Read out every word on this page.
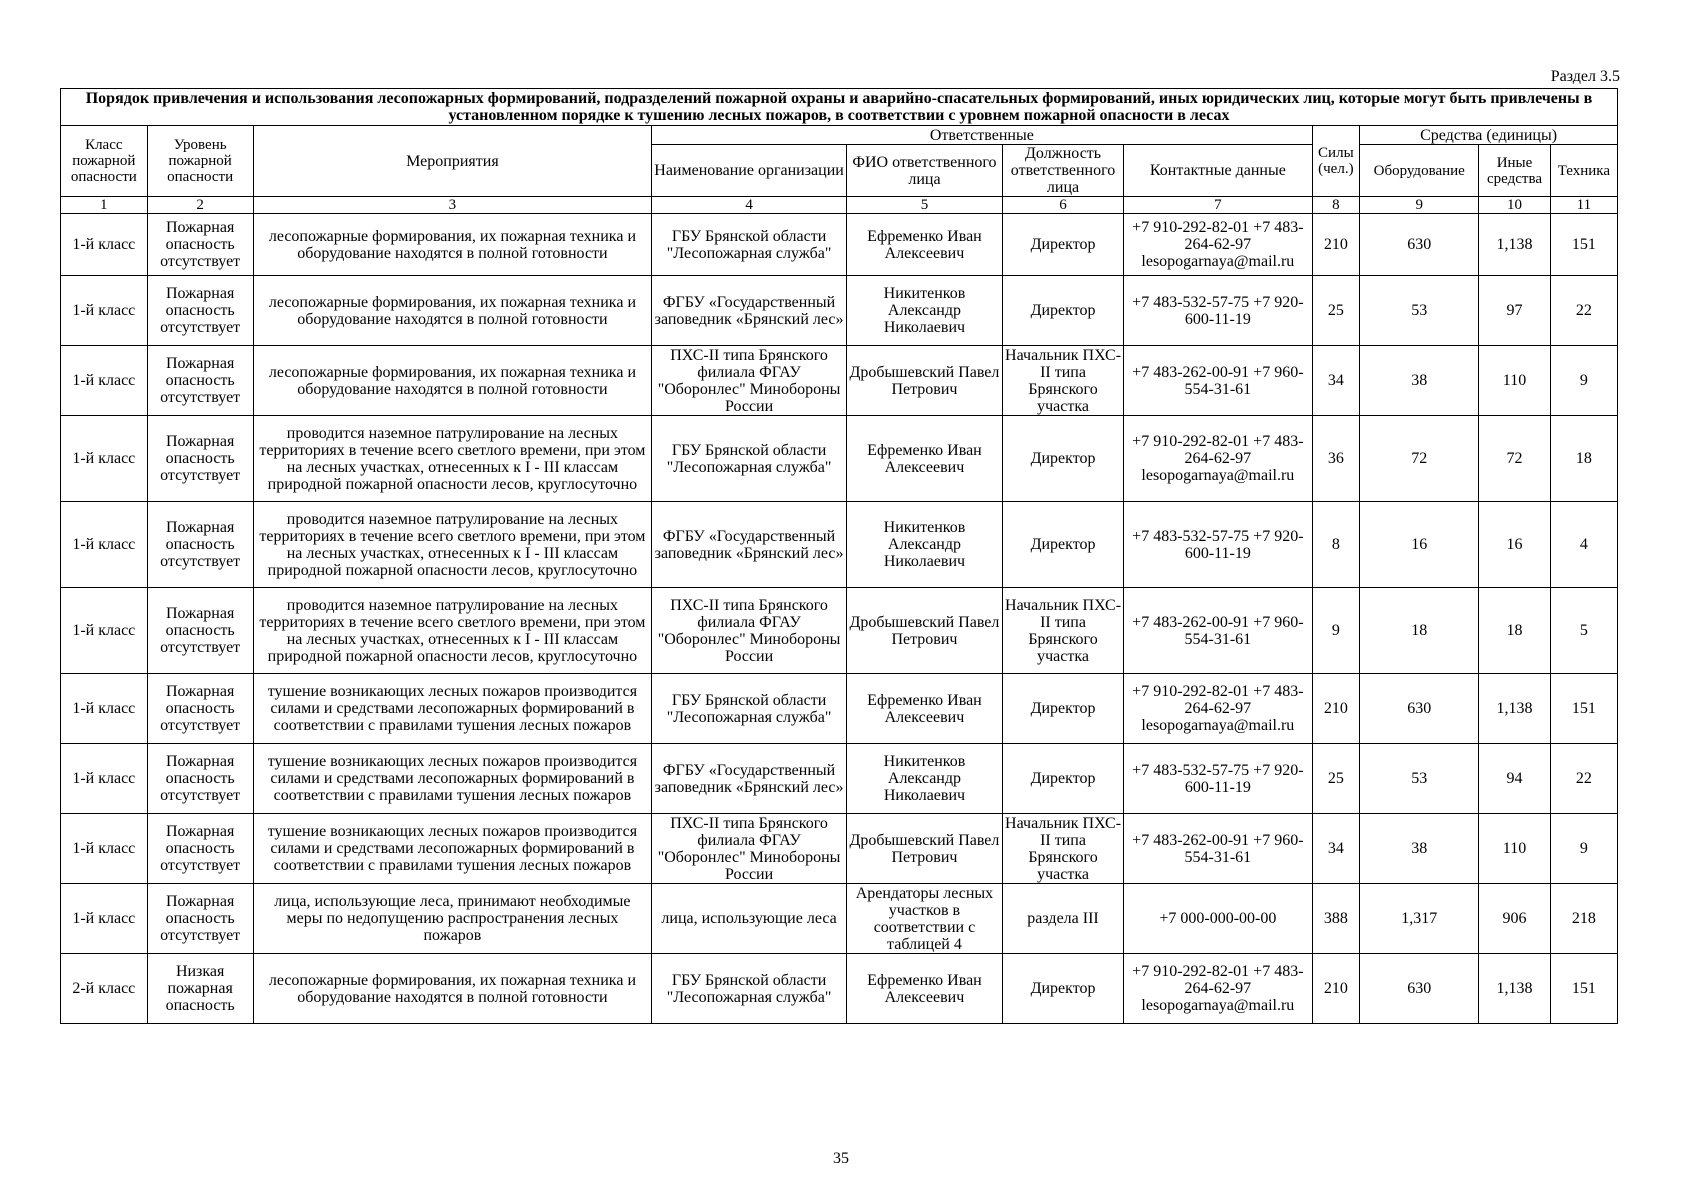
Раздел 3.5
Порядок привлечения и использования лесопожарных формирований, подразделений пожарной охраны и аварийно-спасательных формирований, иных юридических лиц, которые могут быть привлечены в установленном порядке к тушению лесных пожаров, в соответствии с уровнем пожарной опасности в лесах										
Класс пожарной опасности	Уровень пожарной опасности	Мероприятия	Ответственные				Силы (чел.)	Средства (единицы)		
			Наименование организации	ФИО ответственного лица	Должность ответственного лица	Контактные данные		Оборудование	Иные средства	Техника
1	2	3	4	5	6	7	8	9	10	11
1-й класс	Пожарная опасность отсутствует	лесопожарные формирования, их пожарная техника и оборудование находятся в полной готовности	ГБУ Брянской области "Лесопожарная служба"	Ефременко Иван Алексеевич	Директор	+7 910-292-82-01 +7 483-264-62-97 lesopogarnaya@mail.ru	210	630	1,138	151
1-й класс	Пожарная опасность отсутствует	лесопожарные формирования, их пожарная техника и оборудование находятся в полной готовности	ФГБУ «Государственный заповедник «Брянский лес»	Никитенков Александр Николаевич	Директор	+7 483-532-57-75 +7 920-600-11-19	25	53	97	22
1-й класс	Пожарная опасность отсутствует	лесопожарные формирования, их пожарная техника и оборудование находятся в полной готовности	ПХС-II типа Брянского филиала ФГАУ "Оборонлес" Минобороны России	Дробышевский Павел Петрович	Начальник ПХС-II типа Брянского участка	+7 483-262-00-91 +7 960-554-31-61	34	38	110	9
1-й класс	Пожарная опасность отсутствует	проводится наземное патрулирование на лесных территориях в течение всего светлого времени, при этом на лесных участках, отнесенных к I - III классам природной пожарной опасности лесов, круглосуточно	ГБУ Брянской области "Лесопожарная служба"	Ефременко Иван Алексеевич	Директор	+7 910-292-82-01 +7 483-264-62-97 lesopogarnaya@mail.ru	36	72	72	18
1-й класс	Пожарная опасность отсутствует	проводится наземное патрулирование на лесных территориях в течение всего светлого времени, при этом на лесных участках, отнесенных к I - III классам природной пожарной опасности лесов, круглосуточно	ФГБУ «Государственный заповедник «Брянский лес»	Никитенков Александр Николаевич	Директор	+7 483-532-57-75 +7 920-600-11-19	8	16	16	4
1-й класс	Пожарная опасность отсутствует	проводится наземное патрулирование на лесных территориях в течение всего светлого времени, при этом на лесных участках, отнесенных к I - III классам природной пожарной опасности лесов, круглосуточно	ПХС-II типа Брянского филиала ФГАУ "Оборонлес" Минобороны России	Дробышевский Павел Петрович	Начальник ПХС-II типа Брянского участка	+7 483-262-00-91 +7 960-554-31-61	9	18	18	5
1-й класс	Пожарная опасность отсутствует	тушение возникающих лесных пожаров производится силами и средствами лесопожарных формирований в соответствии с правилами тушения лесных пожаров	ГБУ Брянской области "Лесопожарная служба"	Ефременко Иван Алексеевич	Директор	+7 910-292-82-01 +7 483-264-62-97 lesopogarnaya@mail.ru	210	630	1,138	151
1-й класс	Пожарная опасность отсутствует	тушение возникающих лесных пожаров производится силами и средствами лесопожарных формирований в соответствии с правилами тушения лесных пожаров	ФГБУ «Государственный заповедник «Брянский лес»	Никитенков Александр Николаевич	Директор	+7 483-532-57-75 +7 920-600-11-19	25	53	94	22
1-й класс	Пожарная опасность отсутствует	тушение возникающих лесных пожаров производится силами и средствами лесопожарных формирований в соответствии с правилами тушения лесных пожаров	ПХС-II типа Брянского филиала ФГАУ "Оборонлес" Минобороны России	Дробышевский Павел Петрович	Начальник ПХС-II типа Брянского участка	+7 483-262-00-91 +7 960-554-31-61	34	38	110	9
1-й класс	Пожарная опасность отсутствует	лица, использующие леса, принимают необходимые меры по недопущению распространения лесных пожаров	лица, использующие леса	Арендаторы лесных участков в соответствии с таблицей 4	раздела III	+7 000-000-00-00	388	1,317	906	218
2-й класс	Низкая пожарная опасность	лесопожарные формирования, их пожарная техника и оборудование находятся в полной готовности	ГБУ Брянской области "Лесопожарная служба"	Ефременко Иван Алексеевич	Директор	+7 910-292-82-01 +7 483-264-62-97 lesopogarnaya@mail.ru	210	630	1,138	151
35
